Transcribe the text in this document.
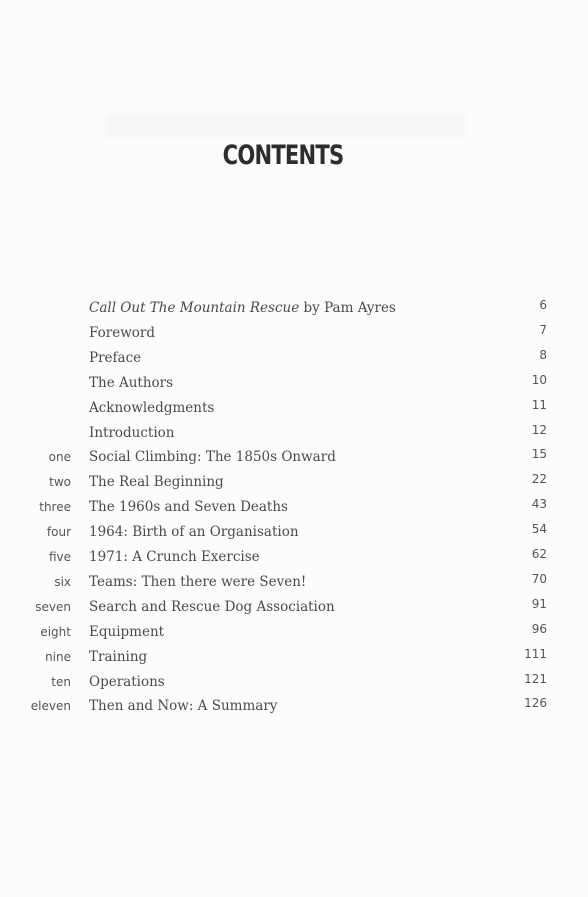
CONTENTS
Call Out The Mountain Rescue by Pam Ayres	6
Foreword	7
Preface	8
The Authors	10
Acknowledgments	11
Introduction	12
one Social Climbing: The 1850s Onward	15
two The Real Beginning	22
three The 1960s and Seven Deaths	43
four 1964: Birth of an Organisation	54
five 1971: A Crunch Exercise	62
six Teams: Then there were Seven!	70
seven Search and Rescue Dog Association	91
eight Equipment	96
nine Training	111
ten Operations	121
eleven Then and Now: A Summary	126
